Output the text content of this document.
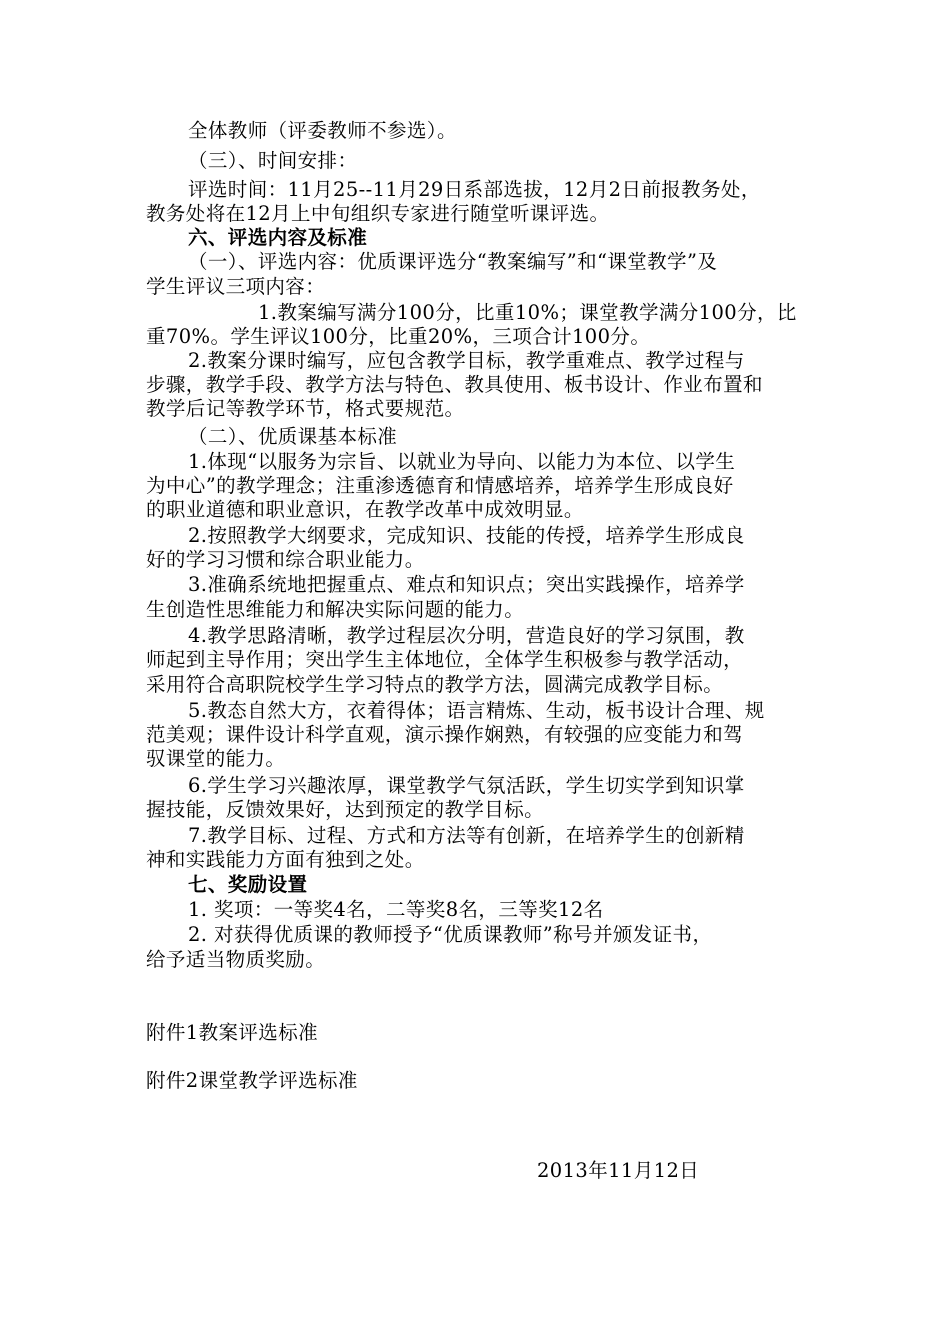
全体教师（评委教师不参选）。

（三）、时间安排：

评选时间：11月25--11月29日系部选拔，12月2日前报教务处，

教务处将在12月上中旬组织专家进行随堂听课评选。

六、评选内容及标准

（一）、评选内容：优质课评选分“教案编写”和“课堂教学”及

学生评议三项内容：

1.教案编写满分100分，比重10%；课堂教学满分100分，比

重70%。学生评议100分，比重20%，三项合计100分。

2.教案分课时编写，应包含教学目标，教学重难点、教学过程与

步骤，教学手段、教学方法与特色、教具使用、板书设计、作业布置和

教学后记等教学环节，格式要规范。

（二）、优质课基本标准

1.体现“以服务为宗旨、以就业为导向、以能力为本位、以学生

为中心”的教学理念；注重渗透德育和情感培养，培养学生形成良好

的职业道德和职业意识，在教学改革中成效明显。

2.按照教学大纲要求，完成知识、技能的传授，培养学生形成良

好的学习习惯和综合职业能力。

3.准确系统地把握重点、难点和知识点；突出实践操作，培养学

生创造性思维能力和解决实际问题的能力。

4.教学思路清晰，教学过程层次分明，营造良好的学习氛围，教

师起到主导作用；突出学生主体地位，全体学生积极参与教学活动，

采用符合高职院校学生学习特点的教学方法，圆满完成教学目标。

5.教态自然大方，衣着得体；语言精炼、生动，板书设计合理、规

范美观；课件设计科学直观，演示操作娴熟，有较强的应变能力和驾

驭课堂的能力。

6.学生学习兴趣浓厚，课堂教学气氛活跃，学生切实学到知识掌

握技能，反馈效果好，达到预定的教学目标。

7.教学目标、过程、方式和方法等有创新，在培养学生的创新精

神和实践能力方面有独到之处。

七、奖励设置

1. 奖项：一等奖4名，二等奖8名，三等奖12名

2. 对获得优质课的教师授予“优质课教师”称号并颁发证书，

给予适当物质奖励。

附件1教案评选标准

附件2课堂教学评选标准

2013年11月12日
